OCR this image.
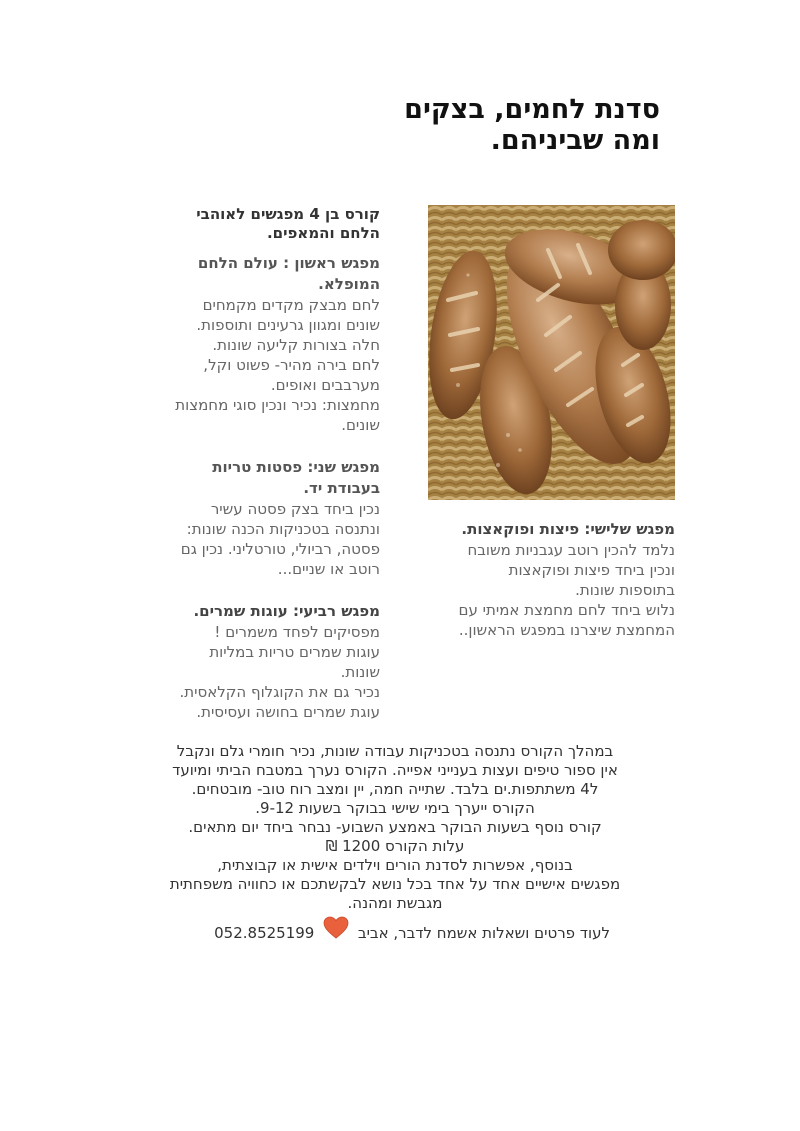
סדנת לחמים, בצקים
ומה שביניהם.
מפגש שלישי: פיצות ופוקאצות.
נלמד להכין רוטב עגבניות משובח
ונכין ביחד פיצות ופוקאצות
בתוספות שונות.
נלוש ביחד לחם מחמצת אמיתי עם
המחמצת שיצרנו במפגש הראשון..
קורס בן 4 מפגשים לאוהבי
הלחם והמאפים.
מפגש ראשון : עולם הלחם
המופלא.
לחם מבצק מקדים מקמחים
שונים ומגוון גרעינים ותוספות.
חלה בצורות קליעה שונות.
לחם בירה מהיר- פשוט וקל,
מערבבים ואופים.
מחמצות: נכיר ונכין סוגי מחמצות
שונים.
מפגש שני: פסטות טריות
בעבודת יד.
נכין ביחד בצק פסטה עשיר
ונתנסה בטכניקות הכנה שונות:
פסטה, רביולי, טורטליני. נכין גם
רוטב או שניים...
מפגש רביעי: עוגות שמרים.
מפסיקים לפחד משמרים !
עוגות שמרים טריות במליות
שונות.
נכיר גם את הקוגלוף הקלאסית.
עוגת שמרים בחושה ועסיסית.
במהלך הקורס נתנסה בטכניקות עבודה שונות, נכיר חומרי גלם ונקבל
אין ספור טיפים ועצות בענייני אפייה. הקורס נערך במטבח הביתי ומיועד
ל4 משתתפות.ים בלבד. שתייה חמה, יין ומצב רוח טוב- מובטחים.
הקורס ייערך בימי שישי בבוקר בשעות 9-12.
קורס נוסף בשעות הבוקר באמצע השבוע- נבחר ביחד יום מתאים.
עלות הקורס 1200 ₪
בנוסף, אפשרות לסדנת הורים וילדים אישית או קבוצתית,
מפגשים אישיים אחד על אחד בכל נושא לבקשתכם או כחוויה משפחתית
מגבשת ומהנה.
לעוד פרטים ושאלות אשמח לדבר, אביב  052.8525199
